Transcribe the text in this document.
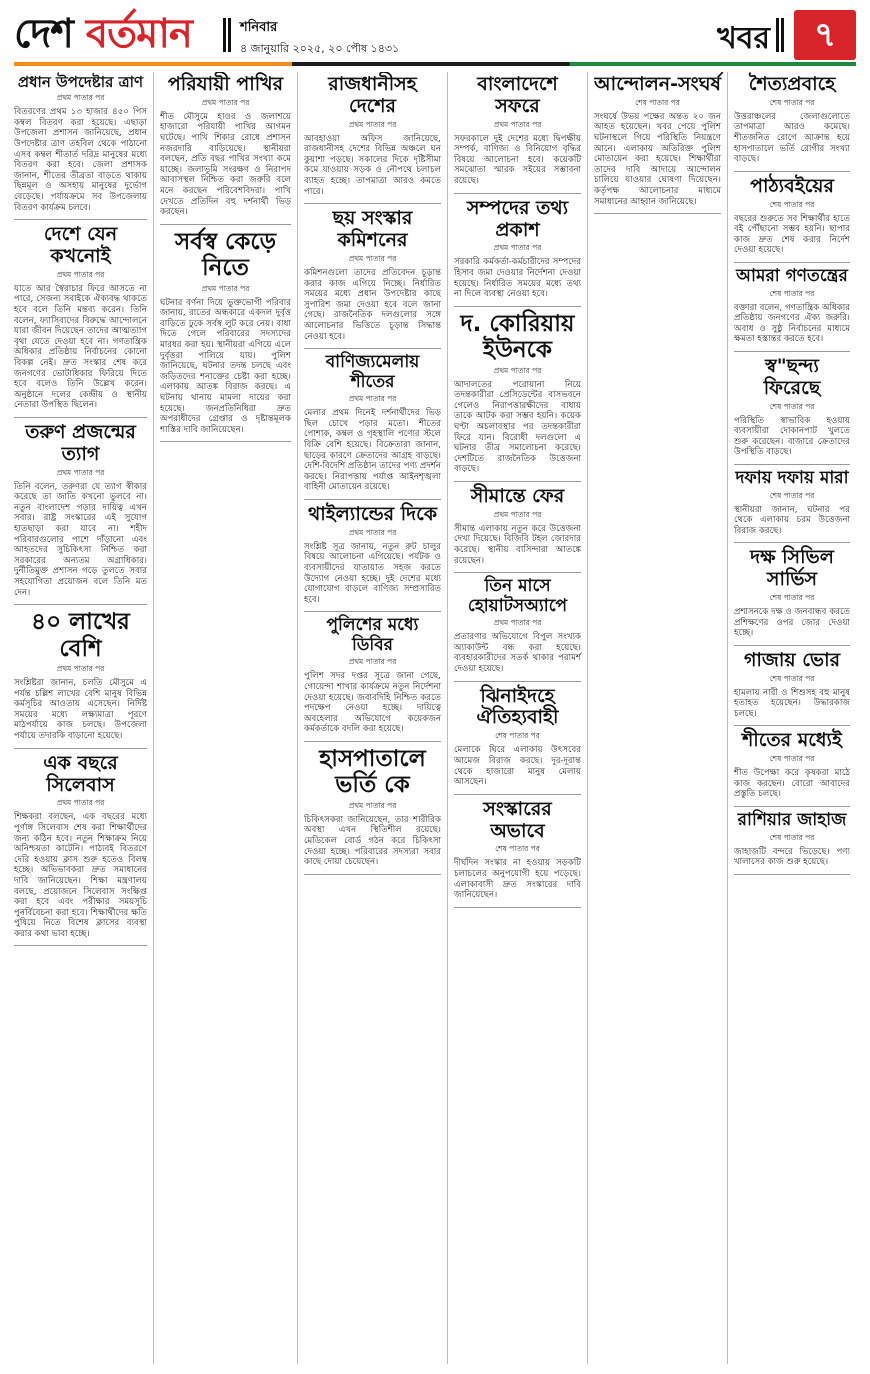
দেশ বর্তমান	শনিবার
৪ জানুয়ারি ২০২৫, ২০ পৌষ ১৪৩১	খবর	৭
প্রধান উপদেষ্টার ত্রাণ
প্রথম পাতার পর
বিতরণের প্রথম ১৩ হাজার ৪৫০ পিস কম্বল বিতরণ করা হয়েছে। এছাড়া উপজেলা প্রশাসন জানিয়েছে, প্রধান উপদেষ্টার ত্রাণ তহবিল থেকে পাঠানো এসব কম্বল শীতার্ত দরিদ্র মানুষের মধ্যে বিতরণ করা হবে। জেলা প্রশাসক জানান, শীতের তীব্রতা বাড়তে থাকায় ছিন্নমূল ও অসহায় মানুষের দুর্ভোগ বেড়েছে। পর্যায়ক্রমে সব উপজেলায় বিতরণ কার্যক্রম চলবে।
দেশে যেন কখনোই
প্রথম পাতার পর
যাতে আর স্বৈরাচার ফিরে আসতে না পারে, সেজন্য সবাইকে ঐক্যবদ্ধ থাকতে হবে বলে তিনি মন্তব্য করেন। তিনি বলেন, ফ্যাসিবাদের বিরুদ্ধে আন্দোলনে যারা জীবন দিয়েছেন তাদের আত্মত্যাগ বৃথা যেতে দেওয়া হবে না। গণতান্ত্রিক অধিকার প্রতিষ্ঠায় নির্বাচনের কোনো বিকল্প নেই। দ্রুত সংস্কার শেষ করে জনগণের ভোটাধিকার ফিরিয়ে দিতে হবে বলেও তিনি উল্লেখ করেন। অনুষ্ঠানে দলের কেন্দ্রীয় ও স্থানীয় নেতারা উপস্থিত ছিলেন।
তরুণ প্রজন্মের ত্যাগ
প্রথম পাতার পর
তিনি বলেন, তরুণরা যে ত্যাগ স্বীকার করেছে তা জাতি কখনো ভুলবে না। নতুন বাংলাদেশ গড়ার দায়িত্ব এখন সবার। রাষ্ট্র সংস্কারের এই সুযোগ হাতছাড়া করা যাবে না। শহীদ পরিবারগুলোর পাশে দাঁড়ানো এবং আহতদের সুচিকিৎসা নিশ্চিত করা সরকারের অন্যতম অগ্রাধিকার। দুর্নীতিমুক্ত প্রশাসন গড়ে তুলতে সবার সহযোগিতা প্রয়োজন বলে তিনি মত দেন।
৪০ লাখের বেশি
প্রথম পাতার পর
সংশ্লিষ্টরা জানান, চলতি মৌসুমে এ পর্যন্ত চল্লিশ লাখের বেশি মানুষ বিভিন্ন কর্মসূচির আওতায় এসেছেন। নির্দিষ্ট সময়ের মধ্যে লক্ষ্যমাত্রা পূরণে মাঠপর্যায়ে কাজ চলছে। উপজেলা পর্যায়ে তদারকি বাড়ানো হয়েছে।
এক বছরে সিলেবাস
প্রথম পাতার পর
শিক্ষকরা বলছেন, এক বছরের মধ্যে পূর্ণাঙ্গ সিলেবাস শেষ করা শিক্ষার্থীদের জন্য কঠিন হবে। নতুন শিক্ষাক্রম নিয়ে অনিশ্চয়তা কাটেনি। পাঠ্যবই বিতরণে দেরি হওয়ায় ক্লাস শুরু হতেও বিলম্ব হচ্ছে। অভিভাবকরা দ্রুত সমাধানের দাবি জানিয়েছেন। শিক্ষা মন্ত্রণালয় বলছে, প্রয়োজনে সিলেবাস সংক্ষিপ্ত করা হবে এবং পরীক্ষার সময়সূচি পুনর্বিবেচনা করা হবে। শিক্ষার্থীদের ক্ষতি পুষিয়ে নিতে বিশেষ ক্লাসের ব্যবস্থা করার কথা ভাবা হচ্ছে।
পরিযায়ী পাখির
প্রথম পাতার পর
শীত মৌসুমে হাওর ও জলাশয়ে হাজারো পরিযায়ী পাখির আগমন ঘটেছে। পাখি শিকার রোধে প্রশাসন নজরদারি বাড়িয়েছে। স্থানীয়রা বলছেন, প্রতি বছর পাখির সংখ্যা কমে যাচ্ছে। জলাভূমি সংরক্ষণ ও নিরাপদ আবাসস্থল নিশ্চিত করা জরুরি বলে মনে করছেন পরিবেশবিদরা। পাখি দেখতে প্রতিদিন বহু দর্শনার্থী ভিড় করছেন।
সর্বস্ব কেড়ে নিতে
প্রথম পাতার পর
ঘটনার বর্ণনা দিয়ে ভুক্তভোগী পরিবার জানায়, রাতের অন্ধকারে একদল দুর্বৃত্ত বাড়িতে ঢুকে সর্বস্ব লুট করে নেয়। বাধা দিতে গেলে পরিবারের সদস্যদের মারধর করা হয়। স্থানীয়রা এগিয়ে এলে দুর্বৃত্তরা পালিয়ে যায়। পুলিশ জানিয়েছে, ঘটনার তদন্ত চলছে এবং জড়িতদের শনাক্তের চেষ্টা করা হচ্ছে। এলাকায় আতঙ্ক বিরাজ করছে। এ ঘটনায় থানায় মামলা দায়ের করা হয়েছে। জনপ্রতিনিধিরা দ্রুত অপরাধীদের গ্রেপ্তার ও দৃষ্টান্তমূলক শাস্তির দাবি জানিয়েছেন।
রাজধানীসহ দেশের
প্রথম পাতার পর
আবহাওয়া অফিস জানিয়েছে, রাজধানীসহ দেশের বিভিন্ন অঞ্চলে ঘন কুয়াশা পড়ছে। সকালের দিকে দৃষ্টিসীমা কমে যাওয়ায় সড়ক ও নৌপথে চলাচল ব্যাহত হচ্ছে। তাপমাত্রা আরও কমতে পারে।
ছয় সংস্কার কমিশনের
প্রথম পাতার পর
কমিশনগুলো তাদের প্রতিবেদন চূড়ান্ত করার কাজ এগিয়ে নিচ্ছে। নির্ধারিত সময়ের মধ্যে প্রধান উপদেষ্টার কাছে সুপারিশ জমা দেওয়া হবে বলে জানা গেছে। রাজনৈতিক দলগুলোর সঙ্গে আলোচনার ভিত্তিতে চূড়ান্ত সিদ্ধান্ত নেওয়া হবে।
বাণিজ্যমেলায় শীতের
প্রথম পাতার পর
মেলার প্রথম দিনেই দর্শনার্থীদের ভিড় ছিল চোখে পড়ার মতো। শীতের পোশাক, কম্বল ও গৃহস্থালি পণ্যের স্টলে বিক্রি বেশি হয়েছে। বিক্রেতারা জানান, ছাড়ের কারণে ক্রেতাদের আগ্রহ বাড়ছে। দেশি-বিদেশি প্রতিষ্ঠান তাদের পণ্য প্রদর্শন করছে। নিরাপত্তায় পর্যাপ্ত আইনশৃঙ্খলা বাহিনী মোতায়েন রয়েছে।
থাইল্যান্ডের দিকে
প্রথম পাতার পর
সংশ্লিষ্ট সূত্র জানায়, নতুন রুট চালুর বিষয়ে আলোচনা এগিয়েছে। পর্যটক ও ব্যবসায়ীদের যাতায়াত সহজ করতে উদ্যোগ নেওয়া হচ্ছে। দুই দেশের মধ্যে যোগাযোগ বাড়লে বাণিজ্য সম্প্রসারিত হবে।
পুলিশের মধ্যে ডিবির
প্রথম পাতার পর
পুলিশ সদর দপ্তর সূত্রে জানা গেছে, গোয়েন্দা শাখার কার্যক্রমে নতুন নির্দেশনা দেওয়া হয়েছে। জবাবদিহি নিশ্চিত করতে পদক্ষেপ নেওয়া হচ্ছে। দায়িত্বে অবহেলার অভিযোগে কয়েকজন কর্মকর্তাকে বদলি করা হয়েছে।
হাসপাতালে ভর্তি কে
প্রথম পাতার পর
চিকিৎসকরা জানিয়েছেন, তার শারীরিক অবস্থা এখন স্থিতিশীল রয়েছে। মেডিকেল বোর্ড গঠন করে চিকিৎসা দেওয়া হচ্ছে। পরিবারের সদস্যরা সবার কাছে দোয়া চেয়েছেন।
বাংলাদেশে সফরে
প্রথম পাতার পর
সফরকালে দুই দেশের মধ্যে দ্বিপক্ষীয় সম্পর্ক, বাণিজ্য ও বিনিয়োগ বৃদ্ধির বিষয়ে আলোচনা হবে। কয়েকটি সমঝোতা স্মারক সইয়ের সম্ভাবনা রয়েছে।
সম্পদের তথ্য প্রকাশ
প্রথম পাতার পর
সরকারি কর্মকর্তা-কর্মচারীদের সম্পদের হিসাব জমা দেওয়ার নির্দেশনা দেওয়া হয়েছে। নির্ধারিত সময়ের মধ্যে তথ্য না দিলে ব্যবস্থা নেওয়া হবে।
দ. কোরিয়ায় ইউনকে
প্রথম পাতার পর
আদালতের পরোয়ানা নিয়ে তদন্তকারীরা প্রেসিডেন্টের বাসভবনে গেলেও নিরাপত্তারক্ষীদের বাধায় তাকে আটক করা সম্ভব হয়নি। কয়েক ঘণ্টা অচলাবস্থার পর তদন্তকারীরা ফিরে যান। বিরোধী দলগুলো এ ঘটনার তীব্র সমালোচনা করেছে। দেশটিতে রাজনৈতিক উত্তেজনা বাড়ছে।
সীমান্তে ফের
প্রথম পাতার পর
সীমান্ত এলাকায় নতুন করে উত্তেজনা দেখা দিয়েছে। বিজিবি টহল জোরদার করেছে। স্থানীয় বাসিন্দারা আতঙ্কে রয়েছেন।
তিন মাসে হোয়াটসঅ্যাপে
প্রথম পাতার পর
প্রতারণার অভিযোগে বিপুল সংখ্যক অ্যাকাউন্ট বন্ধ করা হয়েছে। ব্যবহারকারীদের সতর্ক থাকার পরামর্শ দেওয়া হয়েছে।
ঝিনাইদহে ঐতিহ্যবাহী
শেষ পাতার পর
মেলাকে ঘিরে এলাকায় উৎসবের আমেজ বিরাজ করছে। দূর-দূরান্ত থেকে হাজারো মানুষ মেলায় আসছেন।
সংস্কারের অভাবে
শেষ পাতার পর
দীর্ঘদিন সংস্কার না হওয়ায় সড়কটি চলাচলের অনুপযোগী হয়ে পড়েছে। এলাকাবাসী দ্রুত সংস্কারের দাবি জানিয়েছেন।
আন্দোলন-সংঘর্ষ
শেষ পাতার পর
সংঘর্ষে উভয় পক্ষের অন্তত ২০ জন আহত হয়েছেন। খবর পেয়ে পুলিশ ঘটনাস্থলে গিয়ে পরিস্থিতি নিয়ন্ত্রণে আনে। এলাকায় অতিরিক্ত পুলিশ মোতায়েন করা হয়েছে। শিক্ষার্থীরা তাদের দাবি আদায়ে আন্দোলন চালিয়ে যাওয়ার ঘোষণা দিয়েছেন। কর্তৃপক্ষ আলোচনার মাধ্যমে সমাধানের আহ্বান জানিয়েছে।
শৈত্যপ্রবাহে
শেষ পাতার পর
উত্তরাঞ্চলের জেলাগুলোতে তাপমাত্রা আরও কমেছে। শীতজনিত রোগে আক্রান্ত হয়ে হাসপাতালে ভর্তি রোগীর সংখ্যা বাড়ছে।
পাঠ্যবইয়ের
শেষ পাতার পর
বছরের শুরুতে সব শিক্ষার্থীর হাতে বই পৌঁছানো সম্ভব হয়নি। ছাপার কাজ দ্রুত শেষ করার নির্দেশ দেওয়া হয়েছে।
আমরা গণতন্ত্রের
শেষ পাতার পর
বক্তারা বলেন, গণতান্ত্রিক অধিকার প্রতিষ্ঠায় জনগণের ঐক্য জরুরি। অবাধ ও সুষ্ঠু নির্বাচনের মাধ্যমে ক্ষমতা হস্তান্তর করতে হবে।
স্ব"ছন্দ্য ফিরেছে
শেষ পাতার পর
পরিস্থিতি স্বাভাবিক হওয়ায় ব্যবসায়ীরা দোকানপাট খুলতে শুরু করেছেন। বাজারে ক্রেতাদের উপস্থিতি বাড়ছে।
দফায় দফায় মারা
শেষ পাতার পর
স্থানীয়রা জানান, ঘটনার পর থেকে এলাকায় চরম উত্তেজনা বিরাজ করছে।
দক্ষ সিভিল সার্ভিস
শেষ পাতার পর
প্রশাসনকে দক্ষ ও জনবান্ধব করতে প্রশিক্ষণের ওপর জোর দেওয়া হচ্ছে।
গাজায় ভোর
শেষ পাতার পর
হামলায় নারী ও শিশুসহ বহু মানুষ হতাহত হয়েছেন। উদ্ধারকাজ চলছে।
শীতের মধ্যেই
শেষ পাতার পর
শীত উপেক্ষা করে কৃষকরা মাঠে কাজ করছেন। বোরো আবাদের প্রস্তুতি চলছে।
রাশিয়ার জাহাজ
শেষ পাতার পর
জাহাজটি বন্দরে ভিড়েছে। পণ্য খালাসের কাজ শুরু হয়েছে।
